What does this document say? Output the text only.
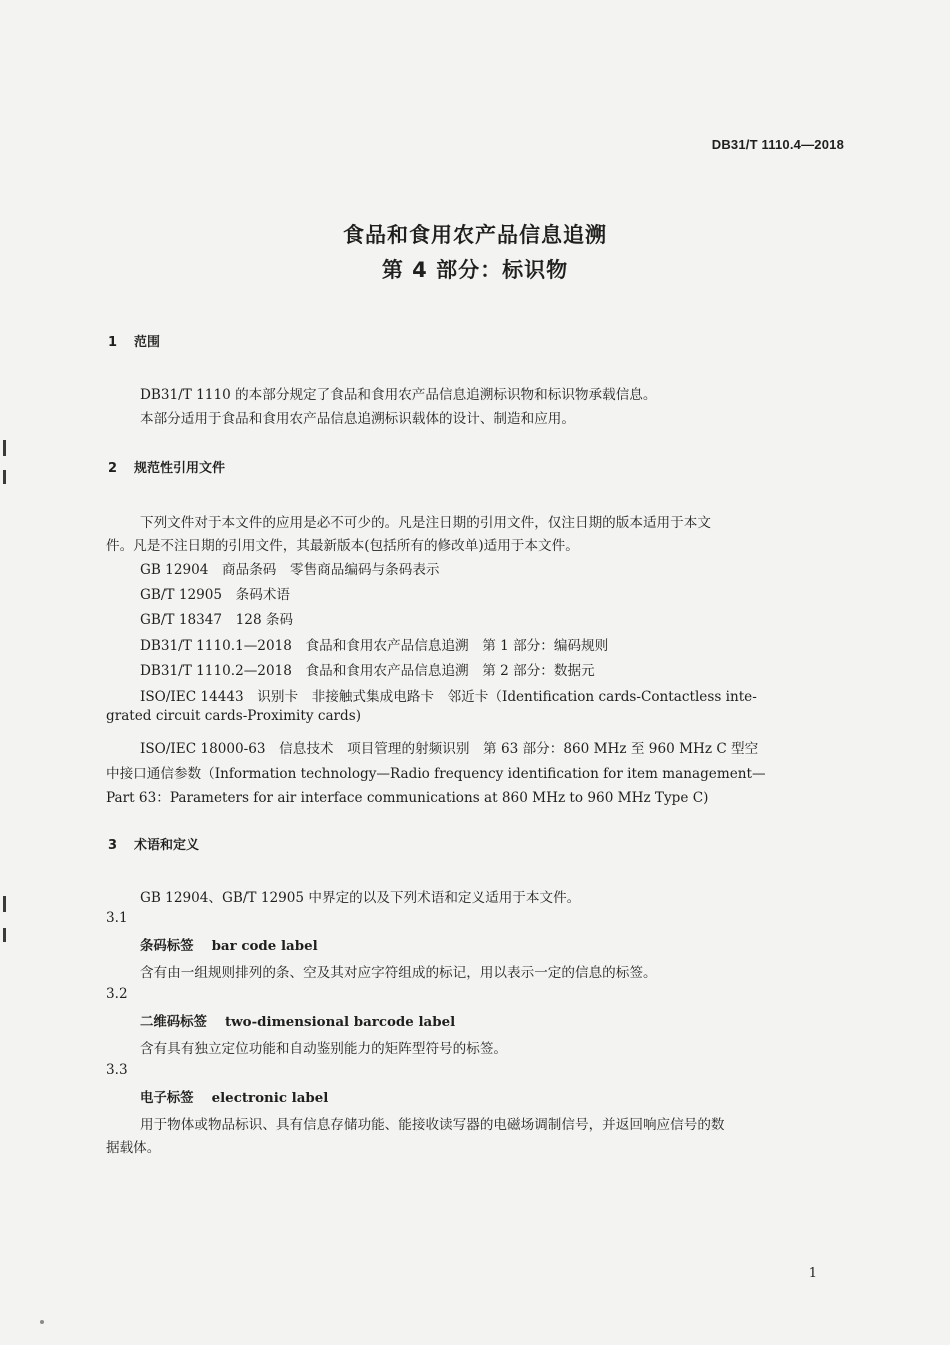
DB31/T 1110.4—2018
食品和食用农产品信息追溯
第 4 部分：标识物
1 范围
DB31/T 1110 的本部分规定了食品和食用农产品信息追溯标识物和标识物承载信息。
本部分适用于食品和食用农产品信息追溯标识载体的设计、制造和应用。
2 规范性引用文件
下列文件对于本文件的应用是必不可少的。凡是注日期的引用文件，仅注日期的版本适用于本文
件。凡是不注日期的引用文件，其最新版本(包括所有的修改单)适用于本文件。
GB 12904　商品条码　零售商品编码与条码表示
GB/T 12905　条码术语
GB/T 18347　128 条码
DB31/T 1110.1—2018　食品和食用农产品信息追溯　第 1 部分：编码规则
DB31/T 1110.2—2018　食品和食用农产品信息追溯　第 2 部分：数据元
ISO/IEC 14443　识别卡　非接触式集成电路卡　邻近卡（Identification cards-Contactless inte-
grated circuit cards-Proximity cards)
ISO/IEC 18000-63　信息技术　项目管理的射频识别　第 63 部分：860 MHz 至 960 MHz C 型空
中接口通信参数（Information technology—Radio frequency identification for item management—
Part 63：Parameters for air interface communications at 860 MHz to 960 MHz Type C)
3 术语和定义
GB 12904、GB/T 12905 中界定的以及下列术语和定义适用于本文件。
3.1
条码标签 bar code label
含有由一组规则排列的条、空及其对应字符组成的标记，用以表示一定的信息的标签。
3.2
二维码标签 two-dimensional barcode label
含有具有独立定位功能和自动鉴别能力的矩阵型符号的标签。
3.3
电子标签 electronic label
用于物体或物品标识、具有信息存储功能、能接收读写器的电磁场调制信号，并返回响应信号的数
据载体。
1
